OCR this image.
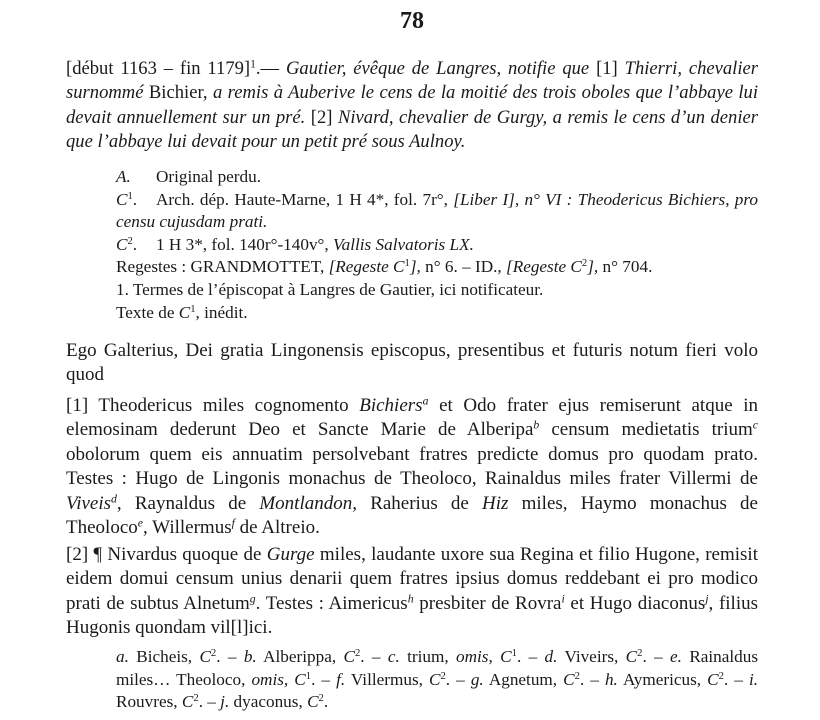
78

[début 1163 – fin 1179]$^1$.— Gautier, évêque de Langres, notifie que [1] Thierri, chevalier surnommé Bichier, a remis à Auberive le cens de la moitié des trois oboles que l’abbaye lui devait annuellement sur un pré. [2] Nivard, chevalier de Gurgy, a remis le cens d’un denier que l’abbaye lui devait pour un petit pré sous Aulnoy.

A. Original perdu.

$C^1$. Arch. dép. Haute-Marne, 1 H 4*, fol. 7r°, [Liber I], n° VI : Theodericus Bichiers, pro censu cujusdam prati.

$C^2$. 1 H 3*, fol. 140r°-140v°, Vallis Salvatoris LX.

Regestes : GRANDMOTTET, [Regeste $C^1$], n° 6. – ID., [Regeste $C^2$], n° 704.

1. Termes de l’épiscopat à Langres de Gautier, ici notificateur.

Texte de $C^1$, inédit.

Ego Galterius, Dei gratia Lingonensis episcopus, presentibus et futuris notum fieri volo quod

[1] Theodericus miles cognomento Bichiers$^a$ et Odo frater ejus remiserunt atque in elemosinam dederunt Deo et Sancte Marie de Alberipa$^b$ censum medietatis trium$^c$ obolorum quem eis annuatim persolvebant fratres predicte domus pro quodam prato. Testes : Hugo de Lingonis monachus de Theoloco, Rainaldus miles frater Villermi de Viveis$^d$, Raynaldus de Montlandon, Raherius de Hiz miles, Haymo monachus de Theoloco$^e$, Willermus$^f$ de Altreio.

[2] ¶ Nivardus quoque de Gurge miles, laudante uxore sua Regina et filio Hugone, remisit eidem domui censum unius denarii quem fratres ipsius domus reddebant ei pro modico prati de subtus Alnetum$^g$. Testes : Aimericus$^h$ presbiter de Rovra$^i$ et Hugo diaconus$^j$, filius Hugonis quondam vil[l]ici.

a. Bicheis, $C^2$. – b. Alberippa, $C^2$. – c. trium, omis, $C^1$. – d. Viveirs, $C^2$. – e. Rainaldus miles… Theoloco, omis, $C^1$. – f. Villermus, $C^2$. – g. Agnetum, $C^2$. – h. Aymericus, $C^2$. – i. Rouvres, $C^2$. – j. dyaconus, $C^2$.
